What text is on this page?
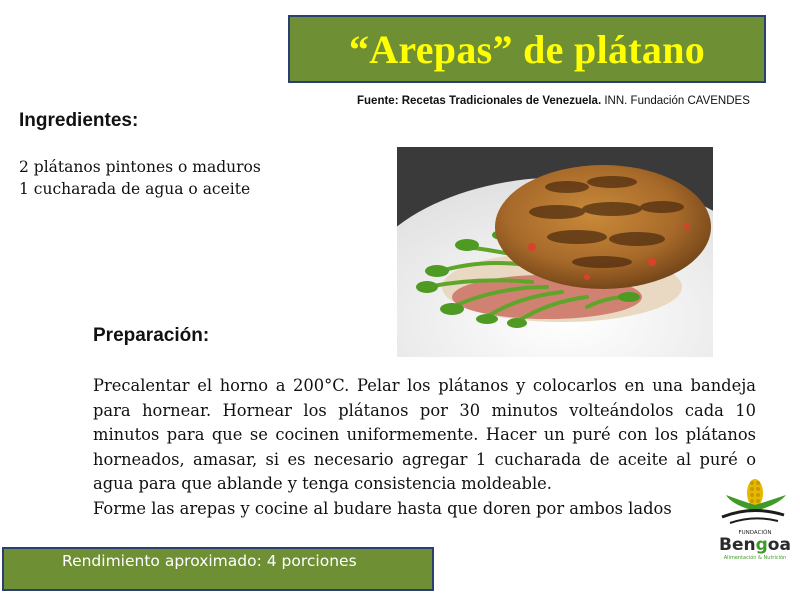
“Arepas” de plátano
Fuente: Recetas Tradicionales de Venezuela. INN. Fundación CAVENDES
Ingredientes:
2 plátanos pintones o maduros
1 cucharada de agua o aceite
Preparación:

Precalentar el horno a 200°C. Pelar los plátanos y colocarlos en una bandeja para hornear. Hornear los plátanos por 30 minutos volteándolos cada 10 minutos para que se cocinen uniformemente. Hacer un puré con los plátanos horneados, amasar, si es necesario agregar 1 cucharada de aceite al puré o agua para que ablande y tenga consistencia moldeable.

Forme las arepas y cocine al budare hasta que doren por ambos lados

Rendimiento aproximado: 4 porciones
FUNDACIÓN
Bengoa
Alimentación & Nutrición
